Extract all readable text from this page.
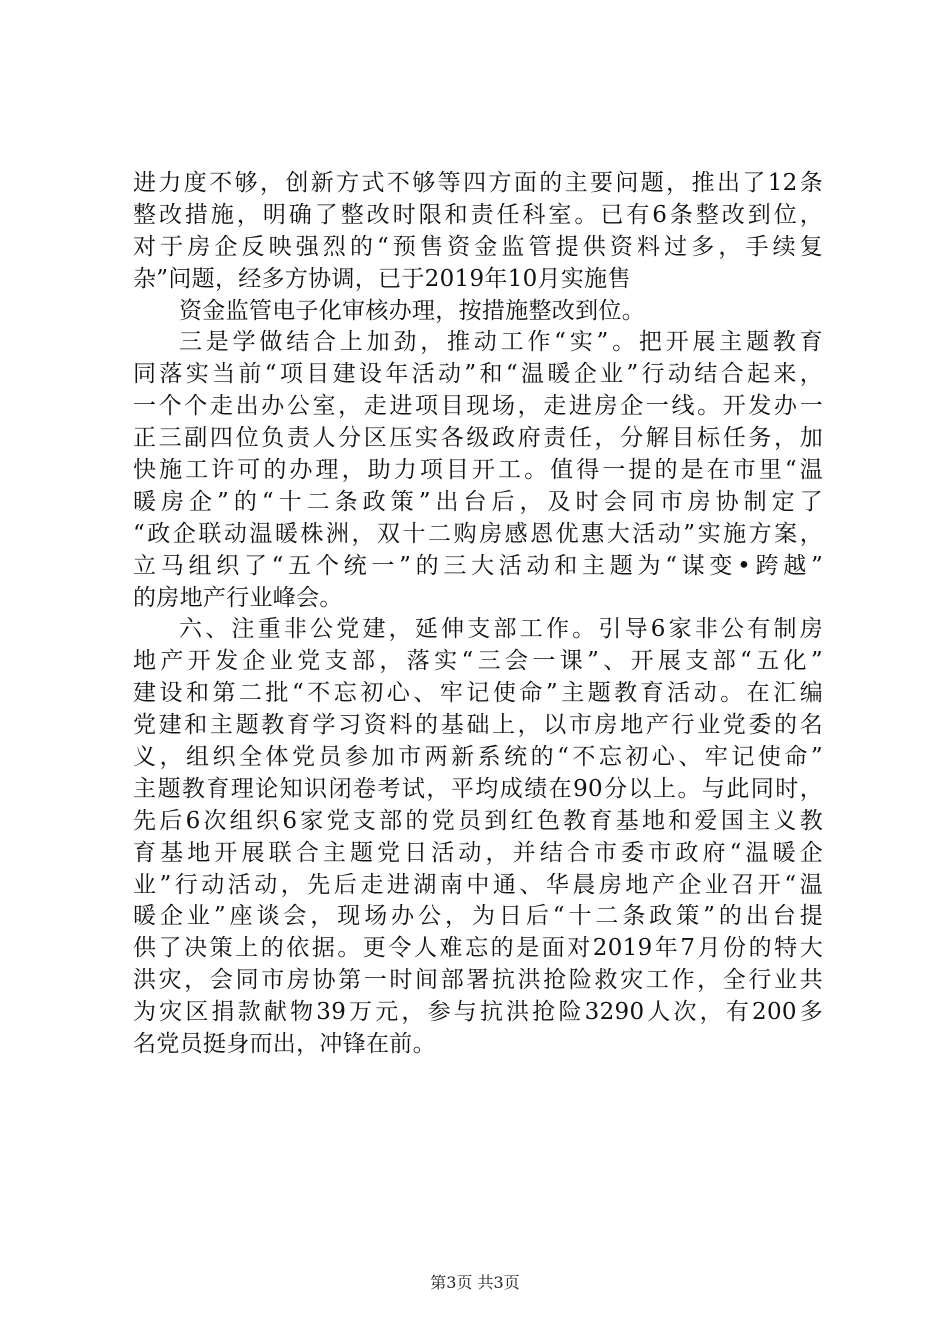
进力度不够，创新方式不够等四方面的主要问题，推出了12条
整改措施，明确了整改时限和责任科室。已有6条整改到位，
对于房企反映强烈的“预售资金监管提供资料过多，手续复
杂”问题，经多方协调，已于2019年10月实施售
资金监管电子化审核办理，按措施整改到位。
三是学做结合上加劲，推动工作“实”。把开展主题教育
同落实当前“项目建设年活动”和“温暖企业”行动结合起来，
一个个走出办公室，走进项目现场，走进房企一线。开发办一
正三副四位负责人分区压实各级政府责任，分解目标任务，加
快施工许可的办理，助力项目开工。值得一提的是在市里“温
暖房企”的“十二条政策”出台后，及时会同市房协制定了
“政企联动温暖株洲，双十二购房感恩优惠大活动”实施方案，
立马组织了“五个统一”的三大活动和主题为“谋变•跨越”
的房地产行业峰会。
六、注重非公党建，延伸支部工作。引导6家非公有制房
地产开发企业党支部，落实“三会一课”、开展支部“五化”
建设和第二批“不忘初心、牢记使命”主题教育活动。在汇编
党建和主题教育学习资料的基础上，以市房地产行业党委的名
义，组织全体党员参加市两新系统的“不忘初心、牢记使命”
主题教育理论知识闭卷考试，平均成绩在90分以上。与此同时，
先后6次组织6家党支部的党员到红色教育基地和爱国主义教
育基地开展联合主题党日活动，并结合市委市政府“温暖企
业”行动活动，先后走进湖南中通、华晨房地产企业召开“温
暖企业”座谈会，现场办公，为日后“十二条政策”的出台提
供了决策上的依据。更令人难忘的是面对2019年7月份的特大
洪灾，会同市房协第一时间部署抗洪抢险救灾工作，全行业共
为灾区捐款献物39万元，参与抗洪抢险3290人次，有200多
名党员挺身而出，冲锋在前。
第3页 共3页
